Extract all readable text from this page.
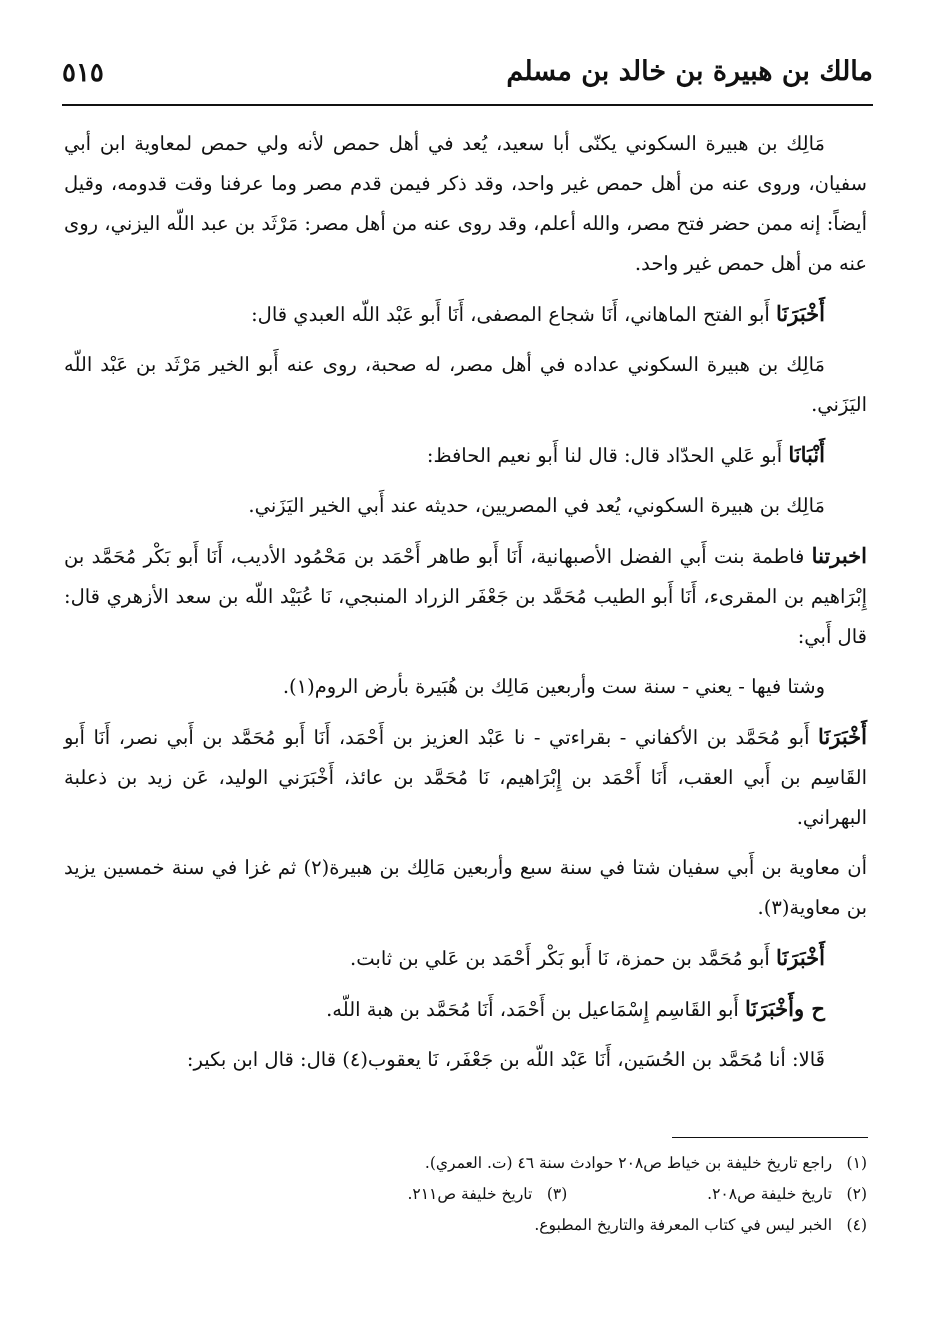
مالك بن هبيرة بن خالد بن مسلم
٥١٥

مَالِك بن هبيرة السكوني يكنّى أبا سعيد، يُعد في أهل حمص لأنه ولي حمص لمعاوية ابن أبي سفيان، وروى عنه من أهل حمص غير واحد، وقد ذكر فيمن قدم مصر وما عرفنا وقت قدومه، وقيل أيضاً: إنه ممن حضر فتح مصر، والله أعلم، وقد روى عنه من أهل مصر: مَرْثَد بن عبد اللّه اليزني، روى عنه من أهل حمص غير واحد.

أَخْبَرَنَا أَبو الفتح الماهاني، أَنَا شجاع المصفى، أَنَا أَبو عَبْد اللّه العبدي قال:

مَالِك بن هبيرة السكوني عداده في أهل مصر، له صحبة، روى عنه أَبو الخير مَرْثَد بن عَبْد اللّه اليَزَني.

أَنْبَانَا أَبو عَلي الحدّاد قال: قال لنا أَبو نعيم الحافظ:

مَالِك بن هبيرة السكوني، يُعد في المصريين، حديثه عند أَبي الخير اليَزَني.

اخبرتنا فاطمة بنت أَبي الفضل الأصبهانية، أَنَا أَبو طاهر أَحْمَد بن مَحْمُود الأديب، أَنَا أَبو بَكْر مُحَمَّد بن إِبْرَاهيم بن المقرىء، أَنَا أَبو الطيب مُحَمَّد بن جَعْفَر الزراد المنبجي، نَا عُبَيْد اللّه بن سعد الأزهري قال: قال أَبي:

وشتا فيها - يعني - سنة ست وأربعين مَالِك بن هُبَيرة بأرض الروم(١).

أَخْبَرَنَا أَبو مُحَمَّد بن الأكفاني - بقراءتي - نا عَبْد العزيز بن أَحْمَد، أَنَا أَبو مُحَمَّد بن أَبي نصر، أَنَا أَبو القَاسِم بن أَبي العقب، أَنَا أَحْمَد بن إِبْرَاهيم، نَا مُحَمَّد بن عائذ، أَخْبَرَني الوليد، عَن زيد بن ذعلبة البهراني.

أن معاوية بن أَبي سفيان شتا في سنة سبع وأربعين مَالِك بن هبيرة(٢) ثم غزا في سنة خمسين يزيد بن معاوية(٣).

أَخْبَرَنَا أَبو مُحَمَّد بن حمزة، نَا أَبو بَكْر أَحْمَد بن عَلي بن ثابت.

ح وأَخْبَرَنَا أَبو القَاسِم إِسْمَاعيل بن أَحْمَد، أَنَا مُحَمَّد بن هبة اللّه.

قَالا: أنا مُحَمَّد بن الحُسَين، أَنَا عَبْد اللّه بن جَعْفَر، نَا يعقوب(٤) قال: قال ابن بكير:

(١) راجع تاريخ خليفة بن خياط ص٢٠٨ حوادث سنة ٤٦ (ت. العمري).
(٢) تاريخ خليفة ص٢٠٨.  (٣) تاريخ خليفة ص٢١١.
(٤) الخبر ليس في كتاب المعرفة والتاريخ المطبوع.
